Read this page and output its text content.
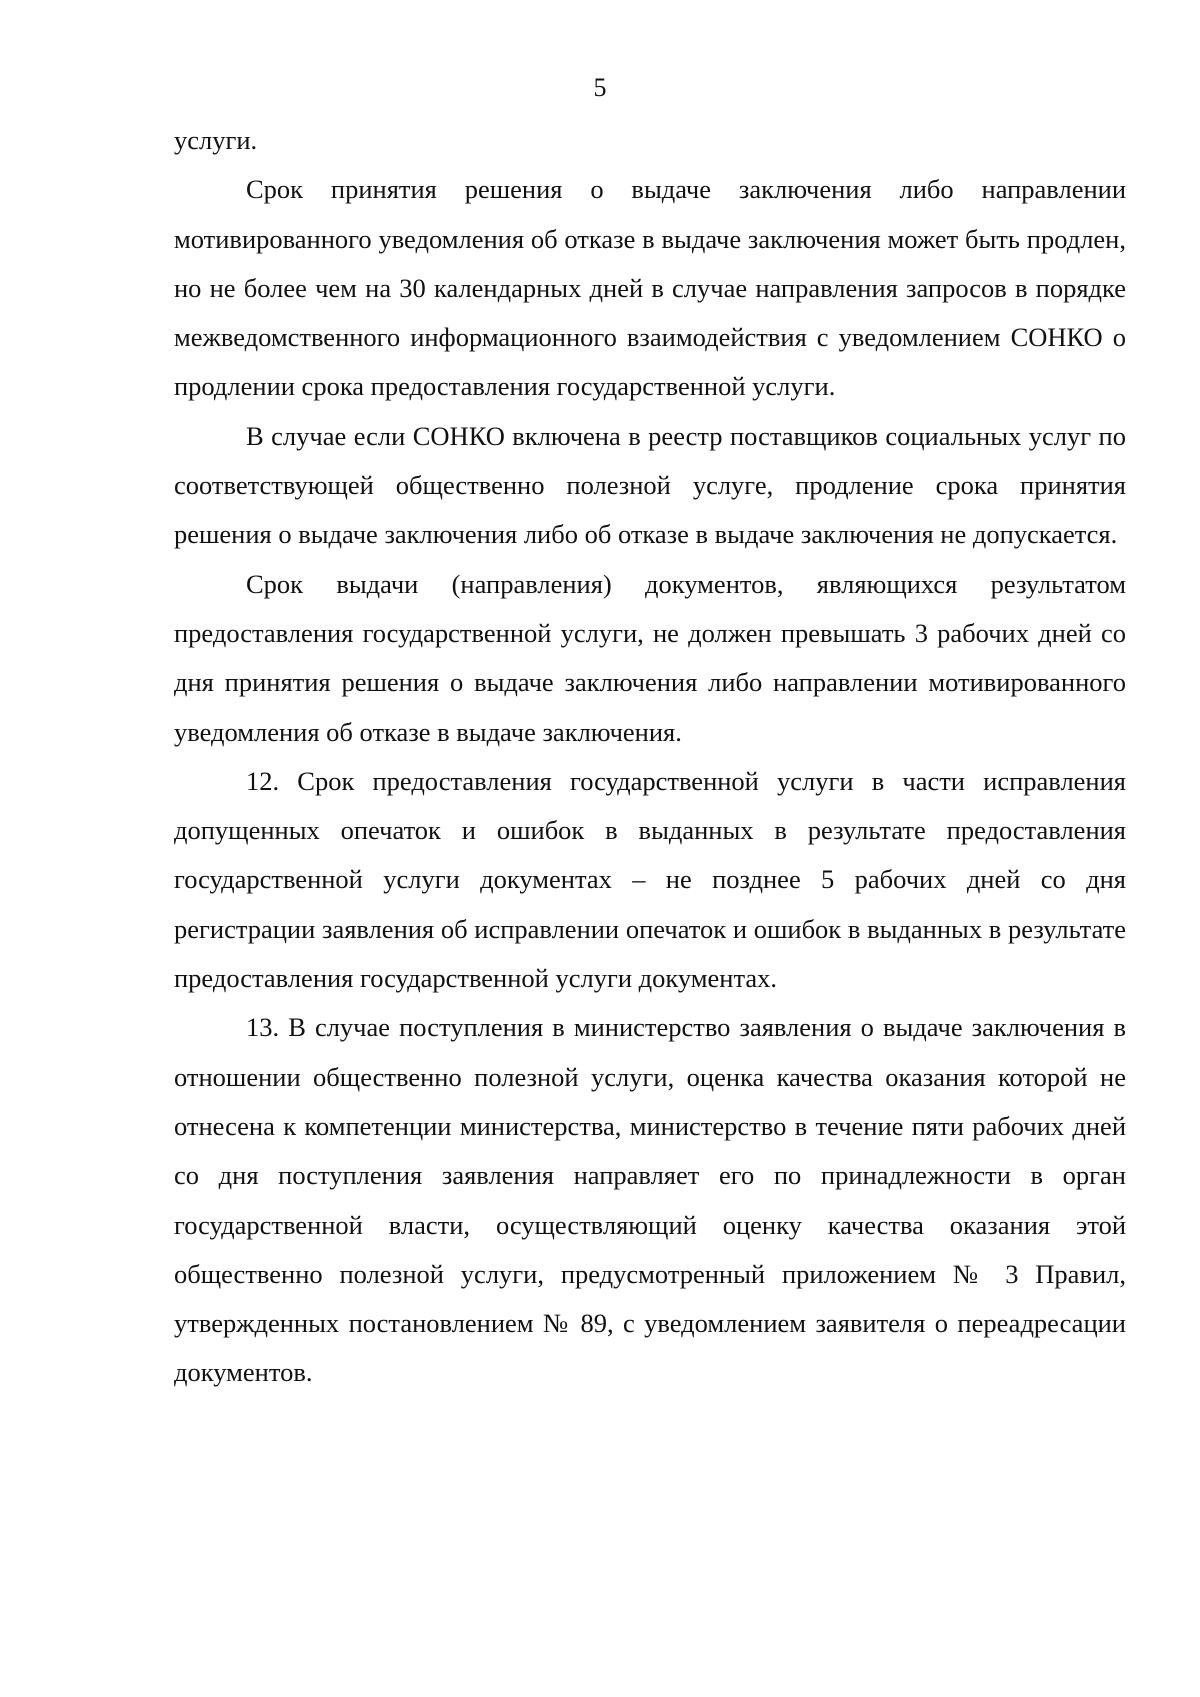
5

услуги.

Срок принятия решения о выдаче заключения либо направлении мотивированного уведомления об отказе в выдаче заключения может быть продлен, но не более чем на 30 календарных дней в случае направления запросов в порядке межведомственного информационного взаимодействия с уведомлением СОНКО о продлении срока предоставления государственной услуги.

В случае если СОНКО включена в реестр поставщиков социальных услуг по соответствующей общественно полезной услуге, продление срока принятия решения о выдаче заключения либо об отказе в выдаче заключения не допускается.

Срок выдачи (направления) документов, являющихся результатом предоставления государственной услуги, не должен превышать 3 рабочих дней со дня принятия решения о выдаче заключения либо направлении мотивированного уведомления об отказе в выдаче заключения.

12. Срок предоставления государственной услуги в части исправления допущенных опечаток и ошибок в выданных в результате предоставления государственной услуги документах – не позднее 5 рабочих дней со дня регистрации заявления об исправлении опечаток и ошибок в выданных в результате предоставления государственной услуги документах.

13. В случае поступления в министерство заявления о выдаче заключения в отношении общественно полезной услуги, оценка качества оказания которой не отнесена к компетенции министерства, министерство в течение пяти рабочих дней со дня поступления заявления направляет его по принадлежности в орган государственной власти, осуществляющий оценку качества оказания этой общественно полезной услуги, предусмотренный приложением № 3 Правил, утвержденных постановлением № 89, с уведомлением заявителя о переадресации документов.
